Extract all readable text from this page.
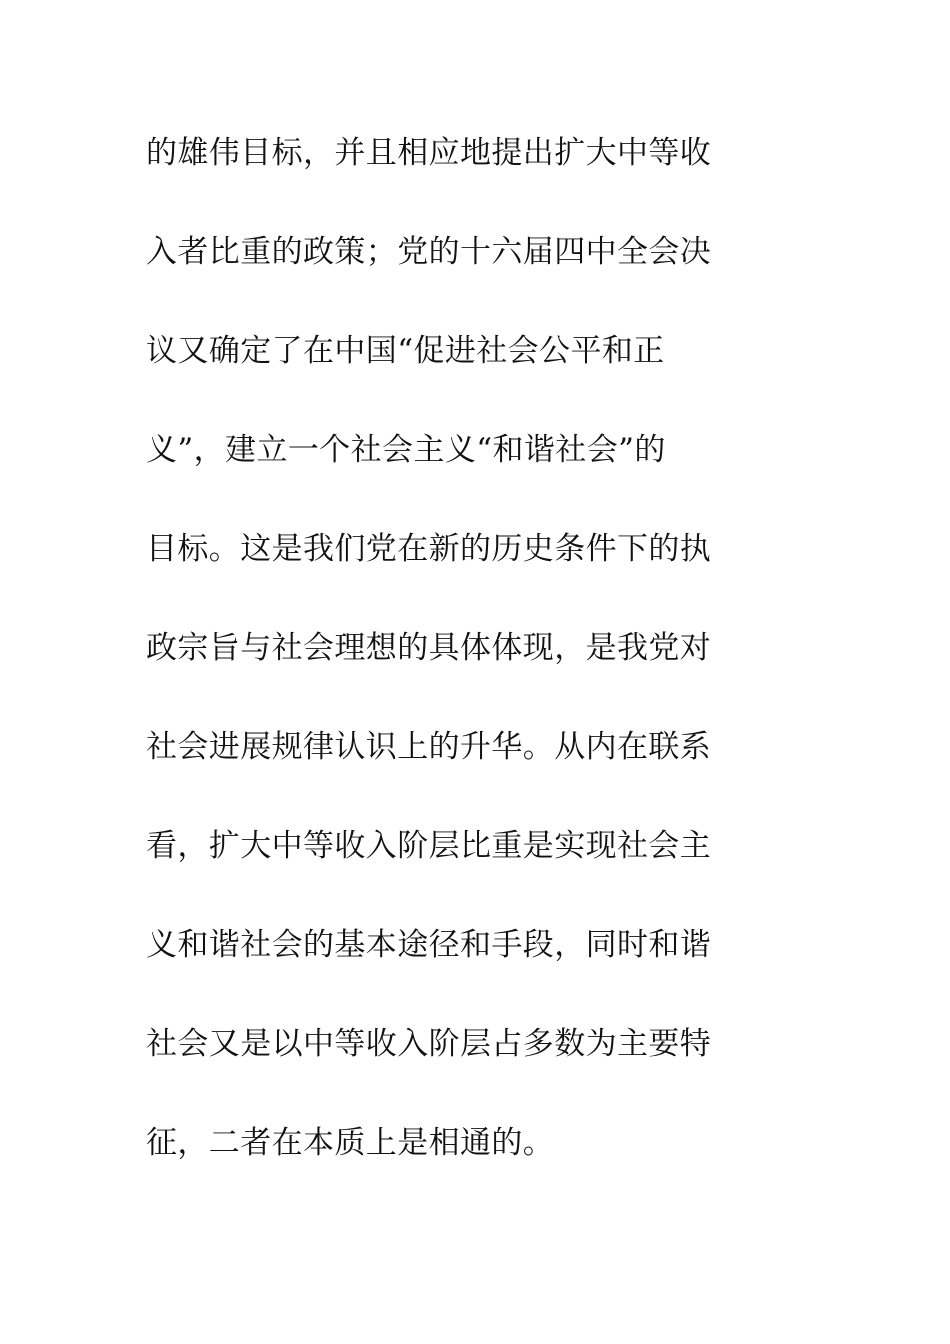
的雄伟目标，并且相应地提出扩大中等收
入者比重的政策；党的十六届四中全会决
议又确定了在中国“促进社会公平和正
义”，建立一个社会主义“和谐社会”的
目标。这是我们党在新的历史条件下的执
政宗旨与社会理想的具体体现，是我党对
社会进展规律认识上的升华。从内在联系
看，扩大中等收入阶层比重是实现社会主
义和谐社会的基本途径和手段，同时和谐
社会又是以中等收入阶层占多数为主要特
征，二者在本质上是相通的。
